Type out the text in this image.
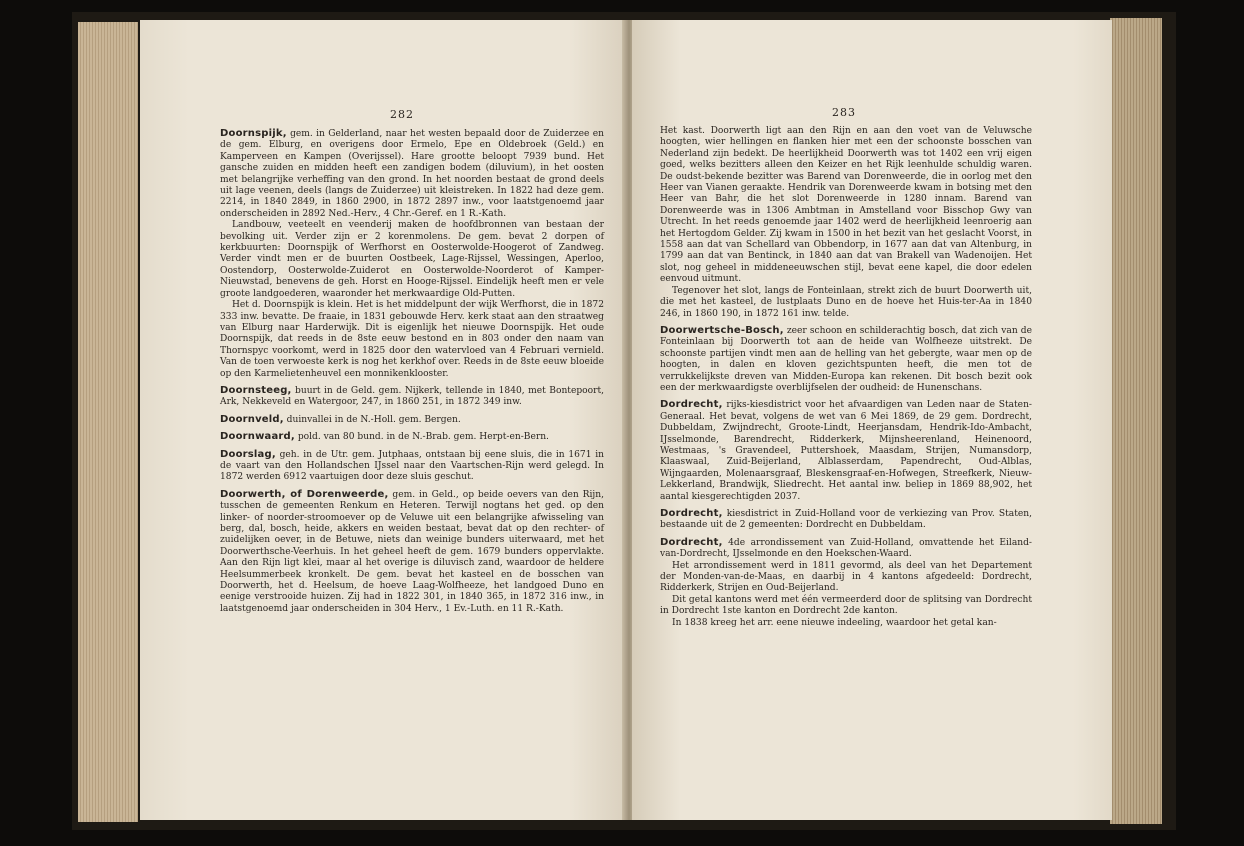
282

Doornspijk, gem. in Gelderland, naar het westen bepaald door de Zuiderzee en de gem. Elburg, en overigens door Ermelo, Epe en Oldebroek (Geld.) en Kamperveen en Kampen (Overijssel). Hare grootte beloopt 7939 bund. Het gansche zuiden en midden heeft een zandigen bodem (diluvium), in het oosten met belangrijke verheffing van den grond. In het noorden bestaat de grond deels uit lage veenen, deels (langs de Zuiderzee) uit kleistreken. In 1822 had deze gem. 2214, in 1840 2849, in 1860 2900, in 1872 2897 inw., voor laatstgenoemd jaar onderscheiden in 2892 Ned.-Herv., 4 Chr.-Geref. en 1 R.-Kath.

Landbouw, veeteelt en veenderij maken de hoofdbronnen van bestaan der bevolking uit. Verder zijn er 2 korenmolens. De gem. bevat 2 dorpen of kerkbuurten: Doornspijk of Werfhorst en Oosterwolde-Hoogerot of Zandweg. Verder vindt men er de buurten Oostbeek, Lage-Rijssel, Wessingen, Aperloo, Oostendorp, Oosterwolde-Zuiderot en Oosterwolde-Noorderot of Kamper-Nieuwstad, benevens de geh. Horst en Hooge-Rijssel. Eindelijk heeft men er vele groote landgoederen, waaronder het merkwaardige Old-Putten.

Het d. Doornspijk is klein. Het is het middelpunt der wijk Werfhorst, die in 1872 333 inw. bevatte. De fraaie, in 1831 gebouwde Herv. kerk staat aan den straatweg van Elburg naar Harderwijk. Dit is eigenlijk het nieuwe Doornspijk. Het oude Doornspijk, dat reeds in de 8ste eeuw bestond en in 803 onder den naam van Thornspyc voorkomt, werd in 1825 door den watervloed van 4 Februari vernield. Van de toen verwoeste kerk is nog het kerkhof over. Reeds in de 8ste eeuw bloeide op den Karmelietenheuvel een monnikenklooster.

Doornsteeg, buurt in de Geld. gem. Nijkerk, tellende in 1840, met Bontepoort, Ark, Nekkeveld en Watergoor, 247, in 1860 251, in 1872 349 inw.

Doornveld, duinvallei in de N.-Holl. gem. Bergen.

Doornwaard, pold. van 80 bund. in de N.-Brab. gem. Herpt-en-Bern.

Doorslag, geh. in de Utr. gem. Jutphaas, ontstaan bij eene sluis, die in 1671 in de vaart van den Hollandschen IJssel naar den Vaartschen-Rijn werd gelegd. In 1872 werden 6912 vaartuigen door deze sluis geschut.

Doorwerth, of Dorenweerde, gem. in Geld., op beide oevers van den Rijn, tusschen de gemeenten Renkum en Heteren. Terwijl nogtans het ged. op den linker- of noorder-stroomoever op de Veluwe uit een belangrijke afwisseling van berg, dal, bosch, heide, akkers en weiden bestaat, bevat dat op den rechter- of zuidelijken oever, in de Betuwe, niets dan weinige bunders uiterwaard, met het Doorwerthsche-Veerhuis. In het geheel heeft de gem. 1679 bunders oppervlakte. Aan den Rijn ligt klei, maar al het overige is diluvisch zand, waardoor de heldere Heelsummerbeek kronkelt. De gem. bevat het kasteel en de bosschen van Doorwerth, het d. Heelsum, de hoeve Laag-Wolfheeze, het landgoed Duno en eenige verstrooide huizen. Zij had in 1822 301, in 1840 365, in 1872 316 inw., in laatstgenoemd jaar onderscheiden in 304 Herv., 1 Ev.-Luth. en 11 R.-Kath.

283

Het kast. Doorwerth ligt aan den Rijn en aan den voet van de Veluwsche hoogten, wier hellingen en flanken hier met een der schoonste bosschen van Nederland zijn bedekt. De heerlijkheid Doorwerth was tot 1402 een vrij eigen goed, welks bezitters alleen den Keizer en het Rijk leenhulde schuldig waren. De oudst-bekende bezitter was Barend van Dorenweerde, die in oorlog met den Heer van Vianen geraakte. Hendrik van Dorenweerde kwam in botsing met den Heer van Bahr, die het slot Dorenweerde in 1280 innam. Barend van Dorenweerde was in 1306 Ambtman in Amstelland voor Bisschop Gwy van Utrecht. In het reeds genoemde jaar 1402 werd de heerlijkheid leenroerig aan het Hertogdom Gelder. Zij kwam in 1500 in het bezit van het geslacht Voorst, in 1558 aan dat van Schellard van Obbendorp, in 1677 aan dat van Altenburg, in 1799 aan dat van Bentinck, in 1840 aan dat van Brakell van Wadenoijen. Het slot, nog geheel in middeneeuwschen stijl, bevat eene kapel, die door edelen eenvoud uitmunt.

Tegenover het slot, langs de Fonteinlaan, strekt zich de buurt Doorwerth uit, die met het kasteel, de lustplaats Duno en de hoeve het Huis-ter-Aa in 1840 246, in 1860 190, in 1872 161 inw. telde.

Doorwertsche-Bosch, zeer schoon en schilderachtig bosch, dat zich van de Fonteinlaan bij Doorwerth tot aan de heide van Wolfheeze uitstrekt. De schoonste partijen vindt men aan de helling van het gebergte, waar men op de hoogten, in dalen en kloven gezichtspunten heeft, die men tot de verrukkelijkste dreven van Midden-Europa kan rekenen. Dit bosch bezit ook een der merkwaardigste overblijfselen der oudheid: de Hunenschans.

Dordrecht, rijks-kiesdistrict voor het afvaardigen van Leden naar de Staten-Generaal. Het bevat, volgens de wet van 6 Mei 1869, de 29 gem. Dordrecht, Dubbeldam, Zwijndrecht, Groote-Lindt, Heerjansdam, Hendrik-Ido-Ambacht, IJsselmonde, Barendrecht, Ridderkerk, Mijnsheerenland, Heinenoord, Westmaas, 's Gravendeel, Puttershoek, Maasdam, Strijen, Numansdorp, Klaaswaal, Zuid-Beijerland, Alblasserdam, Papendrecht, Oud-Alblas, Wijngaarden, Molenaarsgraaf, Bleskensgraaf-en-Hofwegen, Streefkerk, Nieuw-Lekkerland, Brandwijk, Sliedrecht. Het aantal inw. beliep in 1869 88,902, het aantal kiesgerechtigden 2037.

Dordrecht, kiesdistrict in Zuid-Holland voor de verkiezing van Prov. Staten, bestaande uit de 2 gemeenten: Dordrecht en Dubbeldam.

Dordrecht, 4de arrondissement van Zuid-Holland, omvattende het Eiland-van-Dordrecht, IJsselmonde en den Hoekschen-Waard.

Het arrondissement werd in 1811 gevormd, als deel van het Departement der Monden-van-de-Maas, en daarbij in 4 kantons afgedeeld: Dordrecht, Ridderkerk, Strijen en Oud-Beijerland.

Dit getal kantons werd met één vermeerderd door de splitsing van Dordrecht in Dordrecht 1ste kanton en Dordrecht 2de kanton.

In 1838 kreeg het arr. eene nieuwe indeeling, waardoor het getal kan-
